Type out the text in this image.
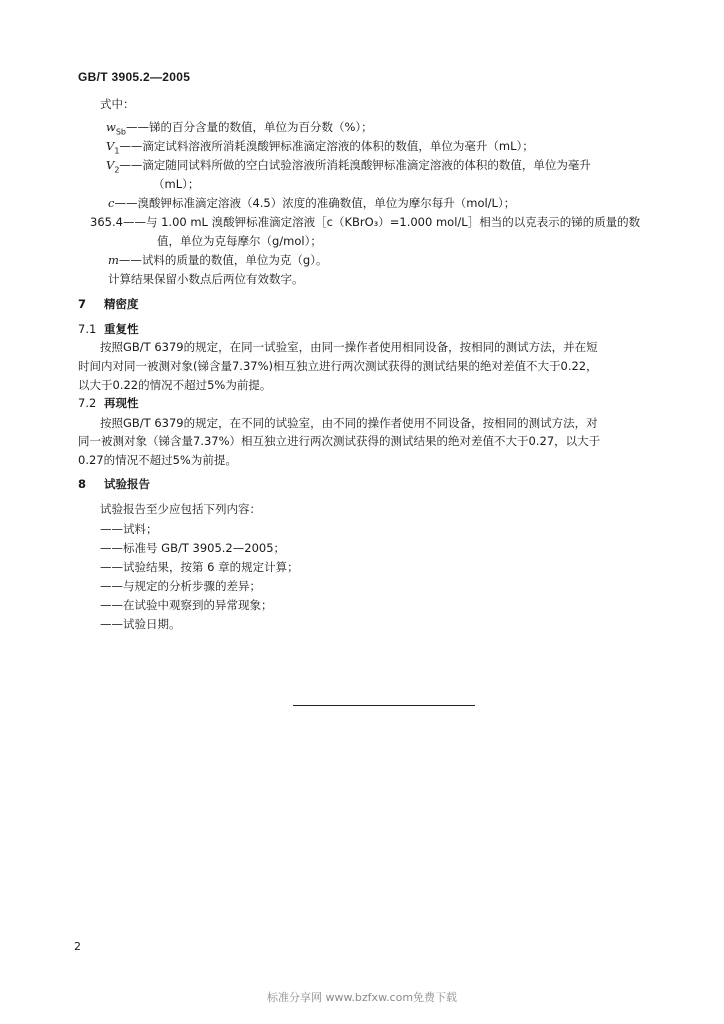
GB/T 3905.2—2005
式中：
$w_{Sb}——$锑的百分含量的数值，单位为百分数（%）；
$V_1——$滴定试料溶液所消耗溴酸钾标准滴定溶液的体积的数值，单位为毫升（mL）；
$V_2——$滴定随同试料所做的空白试验溶液所消耗溴酸钾标准滴定溶液的体积的数值，单位为毫升
（mL）；
c——溴酸钾标准滴定溶液（4.5）浓度的准确数值，单位为摩尔每升（mol/L）；
365.4——与 1.00 mL 溴酸钾标准滴定溶液［c（KBrO₃）=1.000 mol/L］相当的以克表示的锑的质量的数
值，单位为克每摩尔（g/mol）；
m——试料的质量的数值，单位为克（g）。
计算结果保留小数点后两位有效数字。
7 精密度
7.1 重复性
按照GB/T 6379的规定，在同一试验室，由同一操作者使用相同设备，按相同的测试方法，并在短
时间内对同一被测对象(锑含量7.37%)相互独立进行两次测试获得的测试结果的绝对差值不大于0.22，
以大于0.22的情况不超过5%为前提。
7.2 再现性
按照GB/T 6379的规定，在不同的试验室，由不同的操作者使用不同设备，按相同的测试方法，对
同一被测对象（锑含量7.37%）相互独立进行两次测试获得的测试结果的绝对差值不大于0.27，以大于
0.27的情况不超过5%为前提。
8 试验报告
试验报告至少应包括下列内容：
——试料；
——标准号 GB/T 3905.2—2005；
——试验结果，按第 6 章的规定计算；
——与规定的分析步骤的差异；
——在试验中观察到的异常现象；
——试验日期。
2
标准分享网 www.bzfxw.com免费下载
